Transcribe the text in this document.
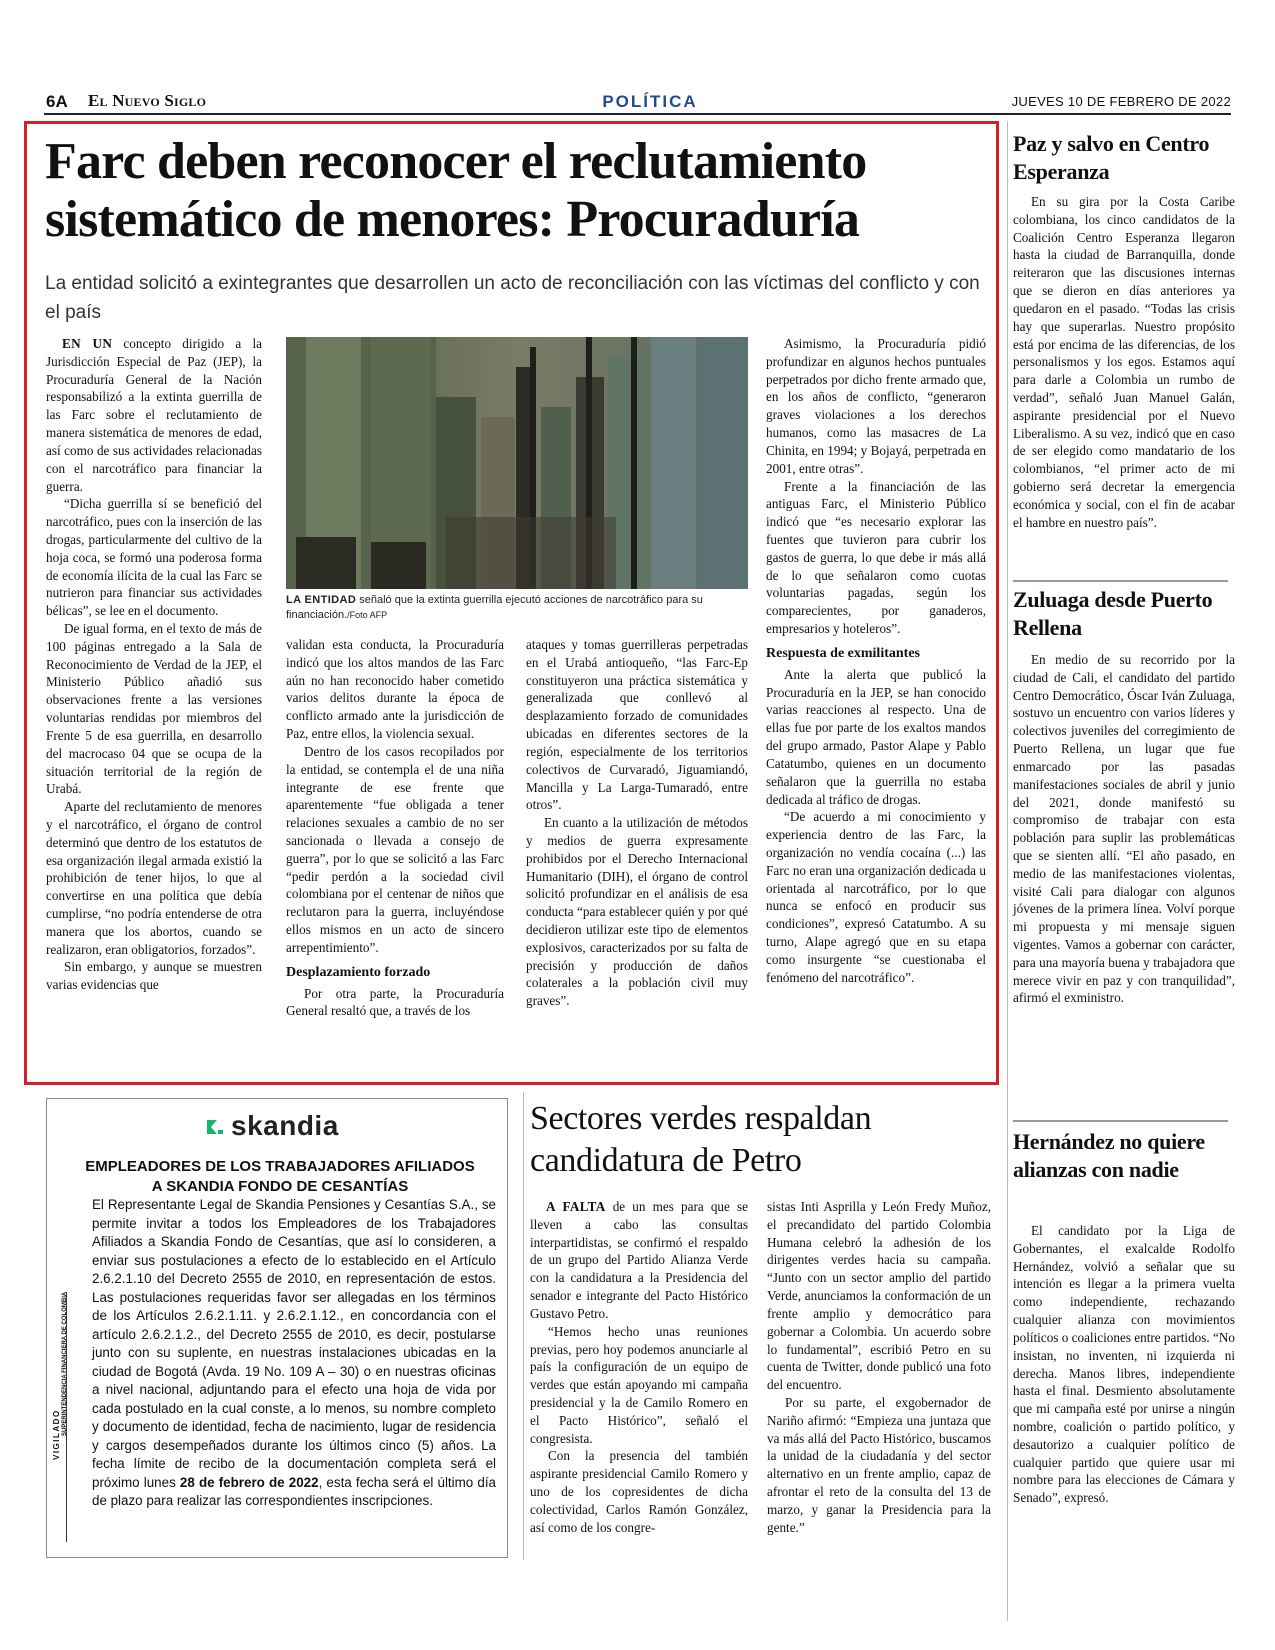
6A El Nuevo Siglo	POLÍTICA	JUEVES 10 DE FEBRERO DE 2022
Farc deben reconocer el reclutamiento sistemático de menores: Procuraduría
La entidad solicitó a exintegrantes que desarrollen un acto de reconciliación con las víctimas del conflicto y con el país

EN UN concepto dirigido a la Jurisdicción Especial de Paz (JEP), la Procuraduría General de la Nación responsabilizó a la extinta guerrilla de las Farc sobre el reclutamiento de manera sistemática de menores de edad, así como de sus actividades relacionadas con el narcotráfico para financiar la guerra.

“Dicha guerrilla sí se benefició del narcotráfico, pues con la inserción de las drogas, particularmente del cultivo de la hoja coca, se formó una poderosa forma de economía ilícita de la cual las Farc se nutrieron para financiar sus actividades bélicas”, se lee en el documento.

De igual forma, en el texto de más de 100 páginas entregado a la Sala de Reconocimiento de Verdad de la JEP, el Ministerio Público añadió sus observaciones frente a las versiones voluntarias rendidas por miembros del Frente 5 de esa guerrilla, en desarrollo del macrocaso 04 que se ocupa de la situación territorial de la región de Urabá.

Aparte del reclutamiento de menores y el narcotráfico, el órgano de control determinó que dentro de los estatutos de esa organización ilegal armada existió la prohibición de tener hijos, lo que al convertirse en una política que debía cumplirse, “no podría entenderse de otra manera que los abortos, cuando se realizaron, eran obligatorios, forzados”.

Sin embargo, y aunque se muestren varias evidencias que

LA ENTIDAD señaló que la extinta guerrilla ejecutó acciones de narcotráfico para su financiación./Foto AFP

validan esta conducta, la Procuraduría indicó que los altos mandos de las Farc aún no han reconocido haber cometido varios delitos durante la época de conflicto armado ante la jurisdicción de Paz, entre ellos, la violencia sexual.

Dentro de los casos recopilados por la entidad, se contempla el de una niña integrante de ese frente que aparentemente “fue obligada a tener relaciones sexuales a cambio de no ser sancionada o llevada a consejo de guerra”, por lo que se solicitó a las Farc “pedir perdón a la sociedad civil colombiana por el centenar de niños que reclutaron para la guerra, incluyéndose ellos mismos en un acto de sincero arrepentimiento”.

Desplazamiento forzado

Por otra parte, la Procuraduría General resaltó que, a través de los

ataques y tomas guerrilleras perpetradas en el Urabá antioqueño, “las Farc-Ep constituyeron una práctica sistemática y generalizada que conllevó al desplazamiento forzado de comunidades ubicadas en diferentes sectores de la región, especialmente de los territorios colectivos de Curvaradó, Jiguamiandó, Mancilla y La Larga-Tumaradó, entre otros”.

En cuanto a la utilización de métodos y medios de guerra expresamente prohibidos por el Derecho Internacional Humanitario (DIH), el órgano de control solicitó profundizar en el análisis de esa conducta “para establecer quién y por qué decidieron utilizar este tipo de elementos explosivos, caracterizados por su falta de precisión y producción de daños colaterales a la población civil muy graves”.

Asimismo, la Procuraduría pidió profundizar en algunos hechos puntuales perpetrados por dicho frente armado que, en los años de conflicto, “generaron graves violaciones a los derechos humanos, como las masacres de La Chinita, en 1994; y Bojayá, perpetrada en 2001, entre otras”.

Frente a la financiación de las antiguas Farc, el Ministerio Público indicó que “es necesario explorar las fuentes que tuvieron para cubrir los gastos de guerra, lo que debe ir más allá de lo que señalaron como cuotas voluntarias pagadas, según los comparecientes, por ganaderos, empresarios y hoteleros”.

Respuesta de exmilitantes

Ante la alerta que publicó la Procuraduría en la JEP, se han conocido varias reacciones al respecto. Una de ellas fue por parte de los exaltos mandos del grupo armado, Pastor Alape y Pablo Catatumbo, quienes en un documento señalaron que la guerrilla no estaba dedicada al tráfico de drogas.

“De acuerdo a mi conocimiento y experiencia dentro de las Farc, la organización no vendía cocaína (...) las Farc no eran una organización dedicada u orientada al narcotráfico, por lo que nunca se enfocó en producir sus condiciones”, expresó Catatumbo. A su turno, Alape agregó que en su etapa como insurgente “se cuestionaba el fenómeno del narcotráfico”.

Paz y salvo en Centro Esperanza

En su gira por la Costa Caribe colombiana, los cinco candidatos de la Coalición Centro Esperanza llegaron hasta la ciudad de Barranquilla, donde reiteraron que las discusiones internas que se dieron en días anteriores ya quedaron en el pasado. “Todas las crisis hay que superarlas. Nuestro propósito está por encima de las diferencias, de los personalismos y los egos. Estamos aquí para darle a Colombia un rumbo de verdad”, señaló Juan Manuel Galán, aspirante presidencial por el Nuevo Liberalismo. A su vez, indicó que en caso de ser elegido como mandatario de los colombianos, “el primer acto de mi gobierno será decretar la emergencia económica y social, con el fin de acabar el hambre en nuestro país”.

Zuluaga desde Puerto Rellena

En medio de su recorrido por la ciudad de Cali, el candidato del partido Centro Democrático, Óscar Iván Zuluaga, sostuvo un encuentro con varios líderes y colectivos juveniles del corregimiento de Puerto Rellena, un lugar que fue enmarcado por las pasadas manifestaciones sociales de abril y junio del 2021, donde manifestó su compromiso de trabajar con esta población para suplir las problemáticas que se sienten allí. “El año pasado, en medio de las manifestaciones violentas, visité Cali para dialogar con algunos jóvenes de la primera línea. Volví porque mi propuesta y mi mensaje siguen vigentes. Vamos a gobernar con carácter, para una mayoría buena y trabajadora que merece vivir en paz y con tranquilidad”, afirmó el exministro.

Hernández no quiere alianzas con nadie

El candidato por la Liga de Gobernantes, el exalcalde Rodolfo Hernández, volvió a señalar que su intención es llegar a la primera vuelta como independiente, rechazando cualquier alianza con movimientos políticos o coaliciones entre partidos. “No insistan, no inventen, ni izquierda ni derecha. Manos libres, independiente hasta el final. Desmiento absolutamente que mi campaña esté por unirse a ningún nombre, coalición o partido político, y desautorizo a cualquier político de cualquier partido que quiere usar mi nombre para las elecciones de Cámara y Senado”, expresó.

skandia
EMPLEADORES DE LOS TRABAJADORES AFILIADOS
A SKANDIA FONDO DE CESANTÍAS
El Representante Legal de Skandia Pensiones y Cesantías S.A., se permite invitar a todos los Empleadores de los Trabajadores Afiliados a Skandia Fondo de Cesantías, que así lo consideren, a enviar sus postulaciones a efecto de lo establecido en el Artículo 2.6.2.1.10 del Decreto 2555 de 2010, en representación de estos. Las postulaciones requeridas favor ser allegadas en los términos de los Artículos 2.6.2.1.11. y 2.6.2.1.12., en concordancia con el artículo 2.6.2.1.2., del Decreto 2555 de 2010, es decir, postularse junto con su suplente, en nuestras instalaciones ubicadas en la ciudad de Bogotá (Avda. 19 No. 109 A – 30) o en nuestras oficinas a nivel nacional, adjuntando para el efecto una hoja de vida por cada postulado en la cual conste, a lo menos, su nombre completo y documento de identidad, fecha de nacimiento, lugar de residencia y cargos desempeñados durante los últimos cinco (5) años. La fecha límite de recibo de la documentación completa será el próximo lunes 28 de febrero de 2022, esta fecha será el último día de plazo para realizar las correspondientes inscripciones.
VIGILADO SUPERINTENDENCIA FINANCIERA DE COLOMBIA
Sectores verdes respaldan candidatura de Petro

A FALTA de un mes para que se lleven a cabo las consultas interpartidistas, se confirmó el respaldo de un grupo del Partido Alianza Verde con la candidatura a la Presidencia del senador e integrante del Pacto Histórico Gustavo Petro.

“Hemos hecho unas reuniones previas, pero hoy podemos anunciarle al país la configuración de un equipo de verdes que están apoyando mi campaña presidencial y la de Camilo Romero en el Pacto Histórico”, señaló el congresista.

Con la presencia del también aspirante presidencial Camilo Romero y uno de los copresidentes de dicha colectividad, Carlos Ramón González, así como de los congre-

sistas Inti Asprilla y León Fredy Muñoz, el precandidato del partido Colombia Humana celebró la adhesión de los dirigentes verdes hacia su campaña. “Junto con un sector amplio del partido Verde, anunciamos la conformación de un frente amplio y democrático para gobernar a Colombia. Un acuerdo sobre lo fundamental”, escribió Petro en su cuenta de Twitter, donde publicó una foto del encuentro.

Por su parte, el exgobernador de Nariño afirmó: “Empieza una juntaza que va más allá del Pacto Histórico, buscamos la unidad de la ciudadanía y del sector alternativo en un frente amplio, capaz de afrontar el reto de la consulta del 13 de marzo, y ganar la Presidencia para la gente.”
